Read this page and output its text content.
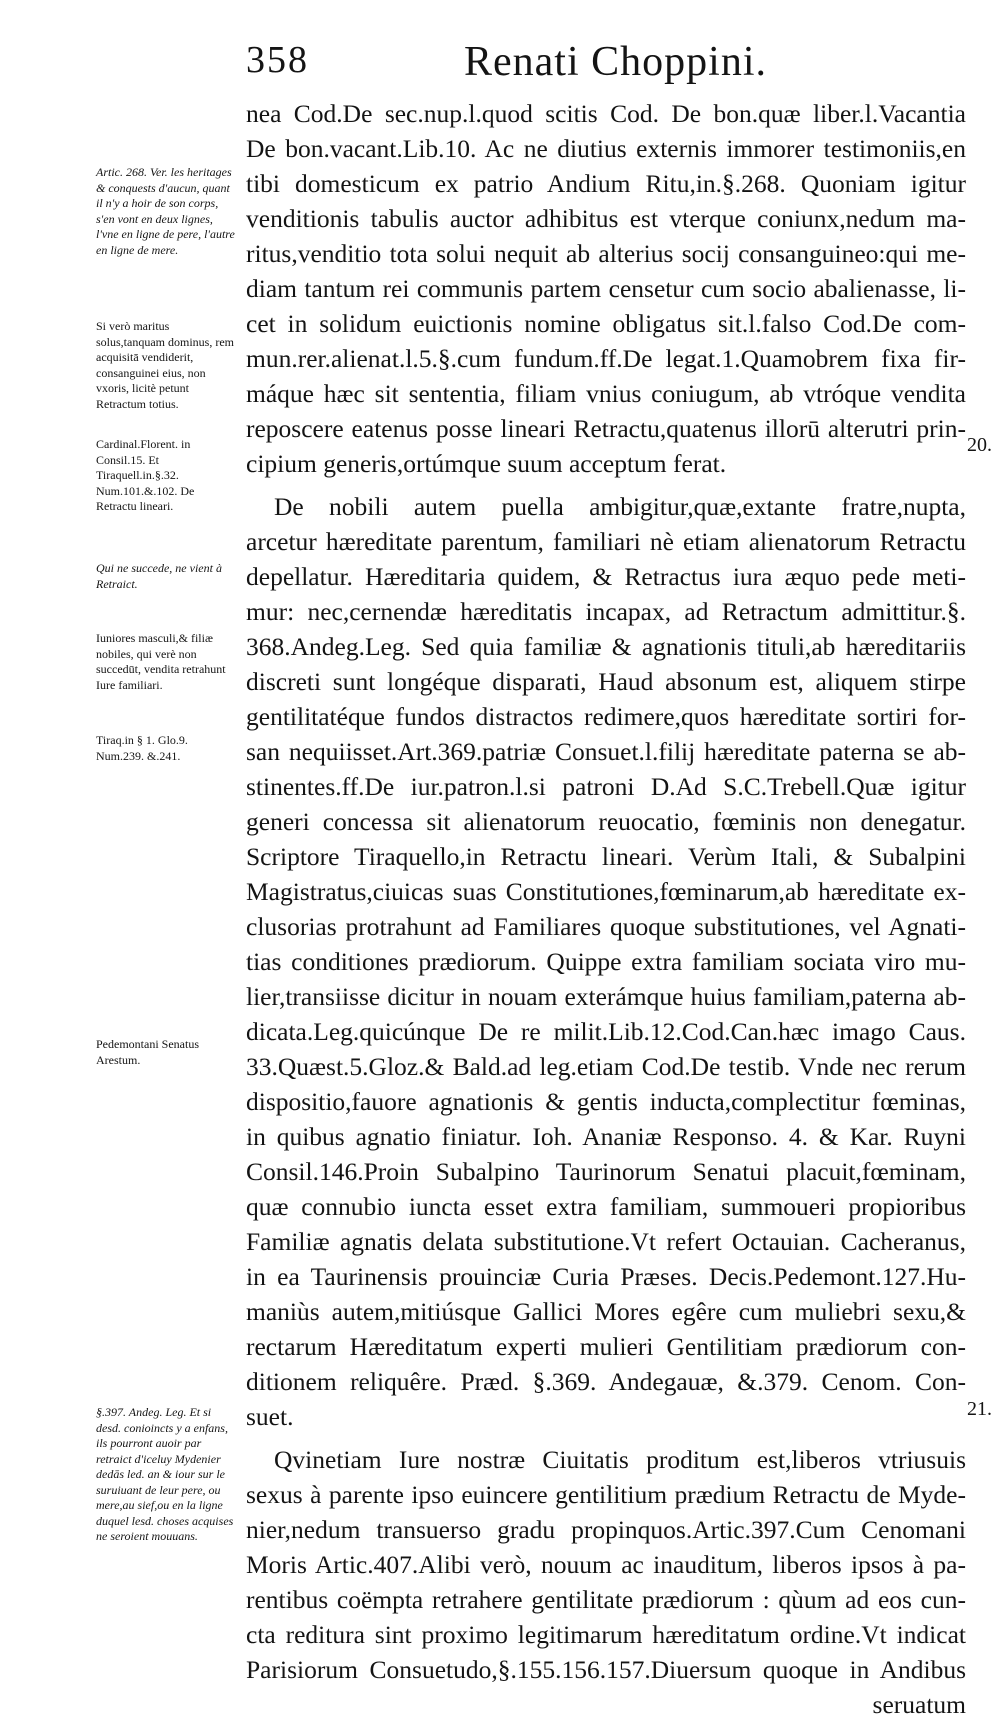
358	Renati Choppini.
nea Cod.De sec.nup.l.quod scitis Cod. De bon.quæ liber.l.Vacantia
De bon.vacant.Lib.10. Ac ne diutius externis immorer testimoniis,en
tibi domesticum ex patrio Andium Ritu,in.§.268. Quoniam igitur
venditionis tabulis auctor adhibitus est vterque coniunx,nedum ma-
ritus,venditio tota solui nequit ab alterius socij consanguineo:qui me-
diam tantum rei communis partem censetur cum socio abalienasse, li-
cet in solidum euictionis nomine obligatus sit.l.falso Cod.De com-
mun.rer.alienat.l.5.§.cum fundum.ff.De legat.1.Quamobrem fixa fir-
máque hæc sit sententia, filiam vnius coniugum, ab vtróque vendita
reposcere eatenus posse lineari Retractu,quatenus illorū alterutri prin-
cipium generis,ortúmque suum acceptum ferat.
De nobili autem puella ambigitur,quæ,extante fratre,nupta,
arcetur hæreditate parentum, familiari nè etiam alienatorum Retractu
depellatur. Hæreditaria quidem, & Retractus iura æquo pede meti-
mur: nec,cernendæ hæreditatis incapax, ad Retractum admittitur.§.
368.Andeg.Leg. Sed quia familiæ & agnationis tituli,ab hæreditariis
discreti sunt longéque disparati, Haud absonum est, aliquem stirpe
gentilitatéque fundos distractos redimere,quos hæreditate sortiri for-
san nequiisset.Art.369.patriæ Consuet.l.filij hæreditate paterna se ab-
stinentes.ff.De iur.patron.l.si patroni D.Ad S.C.Trebell.Quæ igitur
generi concessa sit alienatorum reuocatio, fœminis non denegatur.
Scriptore Tiraquello,in Retractu lineari. Verùm Itali, & Subalpini
Magistratus,ciuicas suas Constitutiones,fœminarum,ab hæreditate ex-
clusorias protrahunt ad Familiares quoque substitutiones, vel Agnati-
tias conditiones prædiorum. Quippe extra familiam sociata viro mu-
lier,transiisse dicitur in nouam exterámque huius familiam,paterna ab-
dicata.Leg.quicúnque De re milit.Lib.12.Cod.Can.hæc imago Caus.
33.Quæst.5.Gloz.& Bald.ad leg.etiam Cod.De testib. Vnde nec rerum
dispositio,fauore agnationis & gentis inducta,complectitur fœminas,
in quibus agnatio finiatur. Ioh. Ananiæ Responso. 4. & Kar. Ruyni
Consil.146.Proin Subalpino Taurinorum Senatui placuit,fœminam,
quæ connubio iuncta esset extra familiam, summoueri propioribus
Familiæ agnatis delata substitutione.Vt refert Octauian. Cacheranus,
in ea Taurinensis prouinciæ Curia Præses. Decis.Pedemont.127.Hu-
maniùs autem,mitiúsque Gallici Mores egêre cum muliebri sexu,&
rectarum Hæreditatum experti mulieri Gentilitiam prædiorum con-
ditionem reliquêre. Præd. §.369. Andegauæ, &.379. Cenom. Con-
suet.
Qvinetiam Iure nostræ Ciuitatis proditum est,liberos vtriusuis
sexus à parente ipso euincere gentilitium prædium Retractu de Myde-
nier,nedum transuerso gradu propinquos.Artic.397.Cum Cenomani
Moris Artic.407.Alibi verò, nouum ac inauditum, liberos ipsos à pa-
rentibus coëmpta retrahere gentilitate prædiorum : qùum ad eos cun-
cta reditura sint proximo legitimarum hæreditatum ordine.Vt indicat
Parisiorum Consuetudo,§.155.156.157.Diuersum quoque in Andibus
seruatum
20.
21.
Artic. 268. Ver. les heritages & conquests d'aucun, quant il n'y a hoir de son corps, s'en vont en deux lignes, l'vne en ligne de pere, l'autre en ligne de mere.
Si verò maritus solus,tanquam dominus, rem acquisitā vendiderit, consanguinei eius, non vxoris, licitè petunt Retractum totius.
Cardinal.Florent. in Consil.15. Et Tiraquell.in.§.32. Num.101.&.102. De Retractu lineari.
Qui ne succede, ne vient à Retraict.
Iuniores masculi,& filiæ nobiles, qui verè non succedūt, vendita retrahunt Iure familiari.
Tiraq.in § 1. Glo.9. Num.239. &.241.
Pedemontani Senatus Arestum.
§.397. Andeg. Leg. Et si desd. conioincts y a enfans, ils pourront auoir par retraict d'iceluy Mydenier dedās led. an & iour sur le suruiuant de leur pere, ou mere,au sief,ou en la ligne duquel lesd. choses acquises ne seroient mouuans.
